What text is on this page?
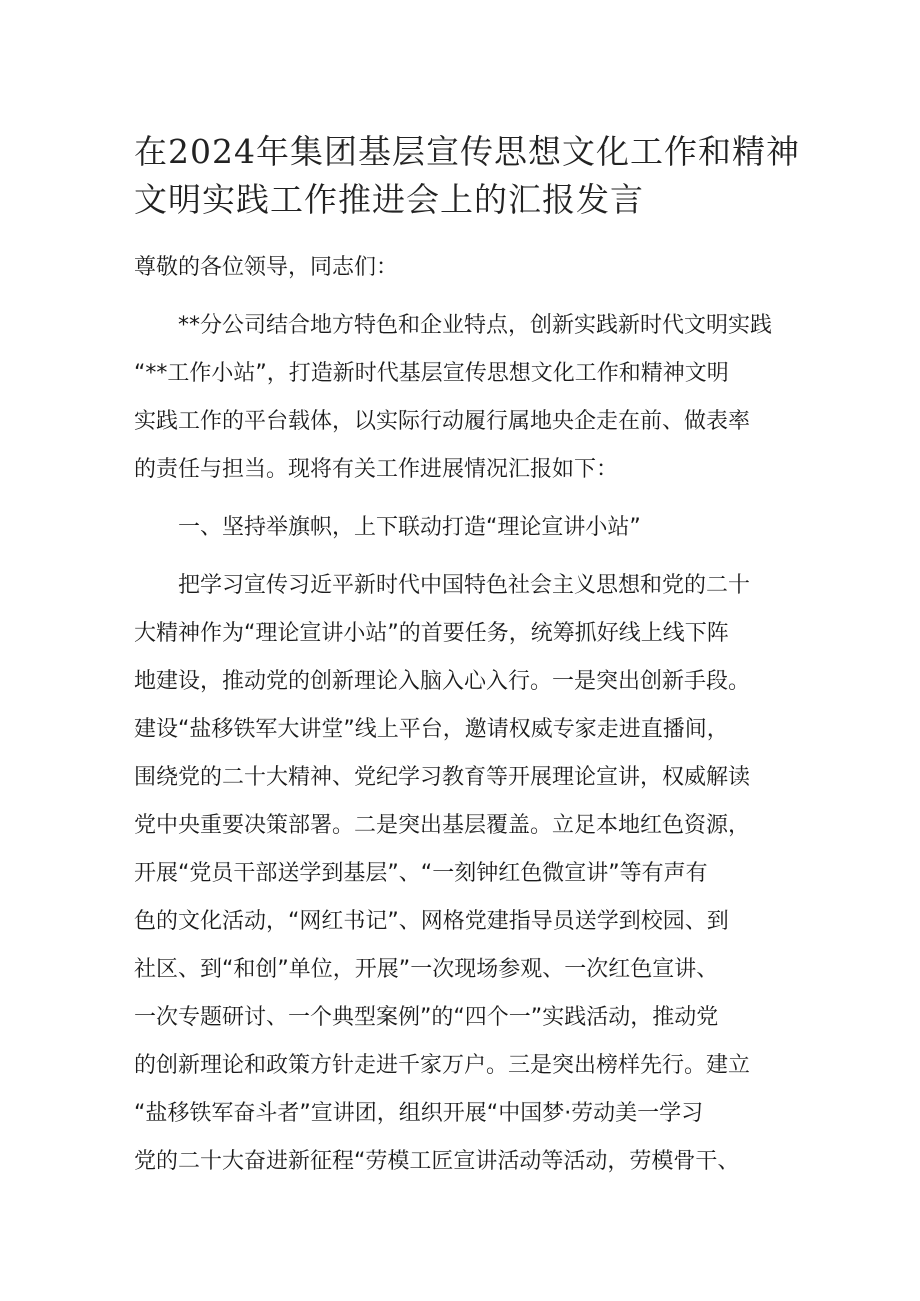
在2024年集团基层宣传思想文化工作和精神
文明实践工作推进会上的汇报发言

尊敬的各位领导，同志们：

　　**分公司结合地方特色和企业特点，创新实践新时代文明实践
“**工作小站”，打造新时代基层宣传思想文化工作和精神文明
实践工作的平台载体，以实际行动履行属地央企走在前、做表率
的责任与担当。现将有关工作进展情况汇报如下：

　　一、坚持举旗帜，上下联动打造“理论宣讲小站”

　　把学习宣传习近平新时代中国特色社会主义思想和党的二十
大精神作为“理论宣讲小站”的首要任务，统筹抓好线上线下阵
地建设，推动党的创新理论入脑入心入行。一是突出创新手段。
建设“盐移铁军大讲堂”线上平台，邀请权威专家走进直播间，
围绕党的二十大精神、党纪学习教育等开展理论宣讲，权威解读
党中央重要决策部署。二是突出基层覆盖。立足本地红色资源，
开展“党员干部送学到基层”、“一刻钟红色微宣讲”等有声有
色的文化活动，“网红书记”、网格党建指导员送学到校园、到
社区、到“和创”单位，开展”一次现场参观、一次红色宣讲、
一次专题研讨、一个典型案例”的“四个一”实践活动，推动党
的创新理论和政策方针走进千家万户。三是突出榜样先行。建立
“盐移铁军奋斗者”宣讲团，组织开展“中国梦·劳动美一学习
党的二十大奋进新征程“劳模工匠宣讲活动等活动，劳模骨干、
